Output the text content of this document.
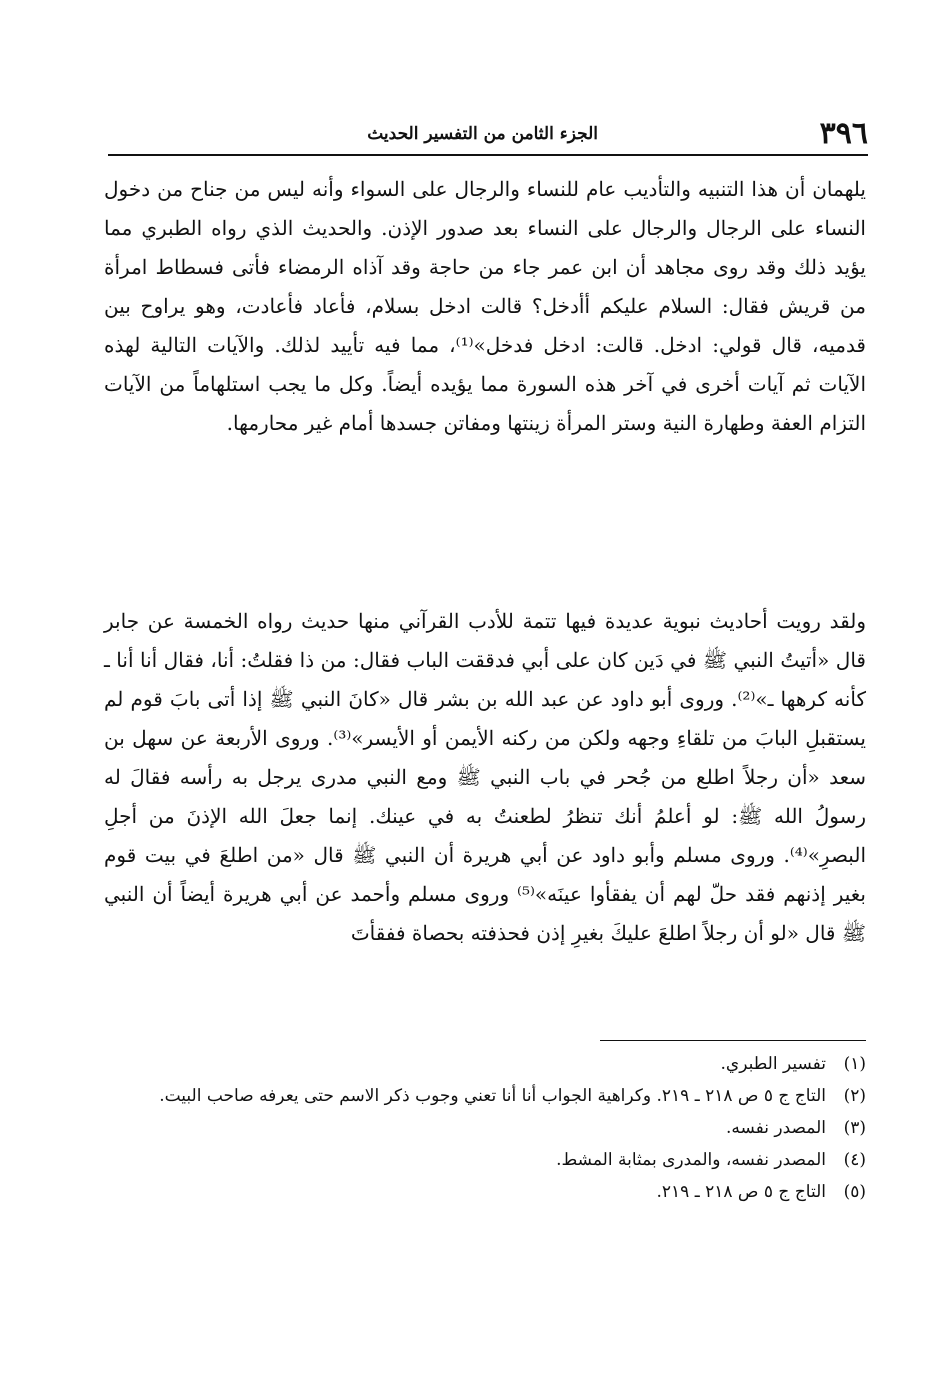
٣٩٦
الجزء الثامن من التفسير الحديث

يلهمان أن هذا التنبيه والتأديب عام للنساء والرجال على السواء وأنه ليس من جناح من دخول النساء على الرجال والرجال على النساء بعد صدور الإذن. والحديث الذي رواه الطبري مما يؤيد ذلك وقد روى مجاهد أن ابن عمر جاء من حاجة وقد آذاه الرمضاء فأتى فسطاط امرأة من قريش فقال: السلام عليكم أأدخل؟ قالت ادخل بسلام، فأعاد فأعادت، وهو يراوح بين قدميه، قال قولي: ادخل. قالت: ادخل فدخل»⁽¹⁾، مما فيه تأييد لذلك. والآيات التالية لهذه الآيات ثم آيات أخرى في آخر هذه السورة مما يؤيده أيضاً. وكل ما يجب استلهاماً من الآيات التزام العفة وطهارة النية وستر المرأة زينتها ومفاتن جسدها أمام غير محارمها.

ولقد رويت أحاديث نبوية عديدة فيها تتمة للأدب القرآني منها حديث رواه الخمسة عن جابر قال «أتيتُ النبي ﷺ في دَين كان على أبي فدققت الباب فقال: من ذا فقلتُ: أنا، فقال أنا أنا ـ كأنه كرهها ـ»⁽²⁾. وروى أبو داود عن عبد الله بن بشر قال «كانَ النبي ﷺ إذا أتى بابَ قوم لم يستقبلِ البابَ من تلقاءِ وجهه ولكن من ركنه الأيمن أو الأيسر»⁽³⁾. وروى الأربعة عن سهل بن سعد «أن رجلاً اطلع من جُحر في باب النبي ﷺ ومع النبي مدرى يرجل به رأسه فقالَ له رسولُ الله ﷺ: لو أعلمُ أنك تنظرُ لطعنتُ به في عينك. إنما جعلَ الله الإذنَ من أجلِ البصرِ»⁽⁴⁾. وروى مسلم وأبو داود عن أبي هريرة أن النبي ﷺ قال «من اطلعَ في بيت قوم بغير إذنهم فقد حلّ لهم أن يفقأوا عينَه»⁽⁵⁾ وروى مسلم وأحمد عن أبي هريرة أيضاً أن النبي ﷺ قال «لو أن رجلاً اطلعَ عليكَ بغيرِ إذن فحذفته بحصاة ففقأتَ

(١)
تفسير الطبري.
(٢)
التاج ج ٥ ص ٢١٨ ـ ٢١٩. وكراهية الجواب أنا أنا تعني وجوب ذكر الاسم حتى يعرفه صاحب البيت.
(٣)
المصدر نفسه.
(٤)
المصدر نفسه، والمدرى بمثابة المشط.
(٥)
التاج ج ٥ ص ٢١٨ ـ ٢١٩.
